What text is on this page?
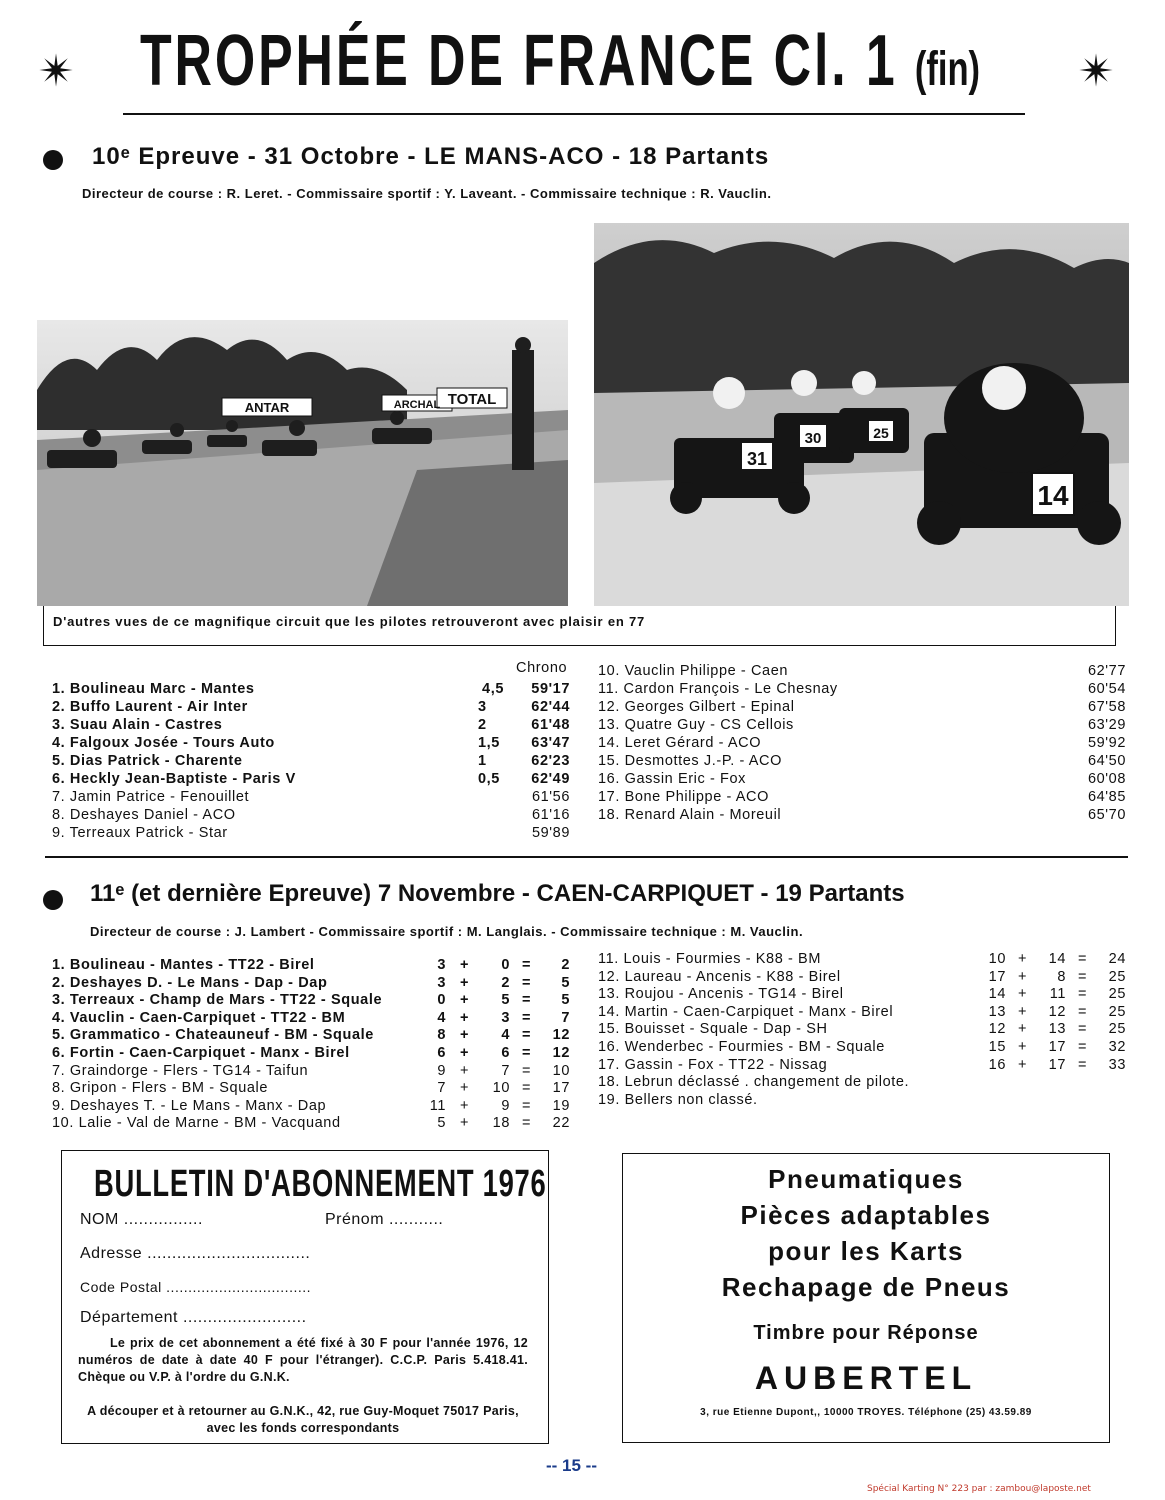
✴	✴
TROPHÉE DE FRANCE Cl. 1 (fin)
10ᵉ Epreuve - 31 Octobre - LE MANS-ACO - 18 Partants
Directeur de course : R. Leret. - Commissaire sportif : Y. Laveant. - Commissaire technique : R. Vauclin.
ANTAR	ARCHAL TOTAL
31
30	25
14
D'autres vues de ce magnifique circuit que les pilotes retrouveront avec plaisir en 77
Chrono
1. Boulineau Marc - Mantes	4,5	59'17
2. Buffo Laurent - Air Inter	3	62'44
3. Suau Alain - Castres	2	61'48
4. Falgoux Josée - Tours Auto	1,5	63'47
5. Dias Patrick - Charente	1	62'23
6. Heckly Jean-Baptiste - Paris V	0,5	62'49
7. Jamin Patrice - Fenouillet	61'56
8. Deshayes Daniel - ACO	61'16
9. Terreaux Patrick - Star	59'89
10. Vauclin Philippe - Caen	62'77
11. Cardon François - Le Chesnay	60'54
12. Georges Gilbert - Epinal	67'58
13. Quatre Guy - CS Cellois	63'29
14. Leret Gérard - ACO	59'92
15. Desmottes J.-P. - ACO	64'50
16. Gassin Eric - Fox	60'08
17. Bone Philippe - ACO	64'85
18. Renard Alain - Moreuil	65'70
11ᵉ (et dernière Epreuve) 7 Novembre - CAEN-CARPIQUET - 19 Partants
Directeur de course : J. Lambert - Commissaire sportif : M. Langlais. - Commissaire technique : M. Vauclin.
1. Boulineau - Mantes - TT22 - Birel	3 +	0 =	2
2. Deshayes D. - Le Mans - Dap - Dap	3 +	2 =	5
3. Terreaux - Champ de Mars - TT22 - Squale	0 +	5 =	5
4. Vauclin - Caen-Carpiquet - TT22 - BM	4 +	3 =	7
5. Grammatico - Chateauneuf - BM - Squale	8 +	4 =	12
6. Fortin - Caen-Carpiquet - Manx - Birel	6 +	6 =	12
7. Graindorge - Flers - TG14 - Taifun	9 +	7 =	10
8. Gripon - Flers - BM - Squale	7 +	10 =	17
9. Deshayes T. - Le Mans - Manx - Dap	11 +	9 =	19
10. Lalie - Val de Marne - BM - Vacquand	5 +	18 =	22
11. Louis - Fourmies - K88 - BM	10 +	14 =	24
12. Laureau - Ancenis - K88 - Birel	17 +	8 =	25
13. Roujou - Ancenis - TG14 - Birel	14 +	11 =	25
14. Martin - Caen-Carpiquet - Manx - Birel	13 +	12 =	25
15. Bouisset - Squale - Dap - SH	12 +	13 =	25
16. Wenderbec - Fourmies - BM - Squale	15 +	17 =	32
17. Gassin - Fox - TT22 - Nissag	16 +	17 =	33
18. Lebrun déclassé . changement de pilote.
19. Bellers non classé.
BULLETIN D'ABONNEMENT 1976
NOM ................	Prénom ...........
Adresse .................................
Code Postal .................................
Département .........................
Le prix de cet abonnement a été fixé à 30 F pour l'année 1976, 12 numéros de date à date 40 F pour l'étranger). C.C.P. Paris 5.418.41. Chèque ou V.P. à l'ordre du G.N.K.
A découper et à retourner au G.N.K., 42, rue Guy-Moquet 75017 Paris, avec les fonds correspondants
Pneumatiques
Pièces adaptables
pour les Karts
Rechapage de Pneus
Timbre pour Réponse
AUBERTEL
3, rue Etienne Dupont,, 10000 TROYES. Téléphone (25) 43.59.89
-- 15 --
Spécial Karting N° 223 par : zambou@laposte.net
